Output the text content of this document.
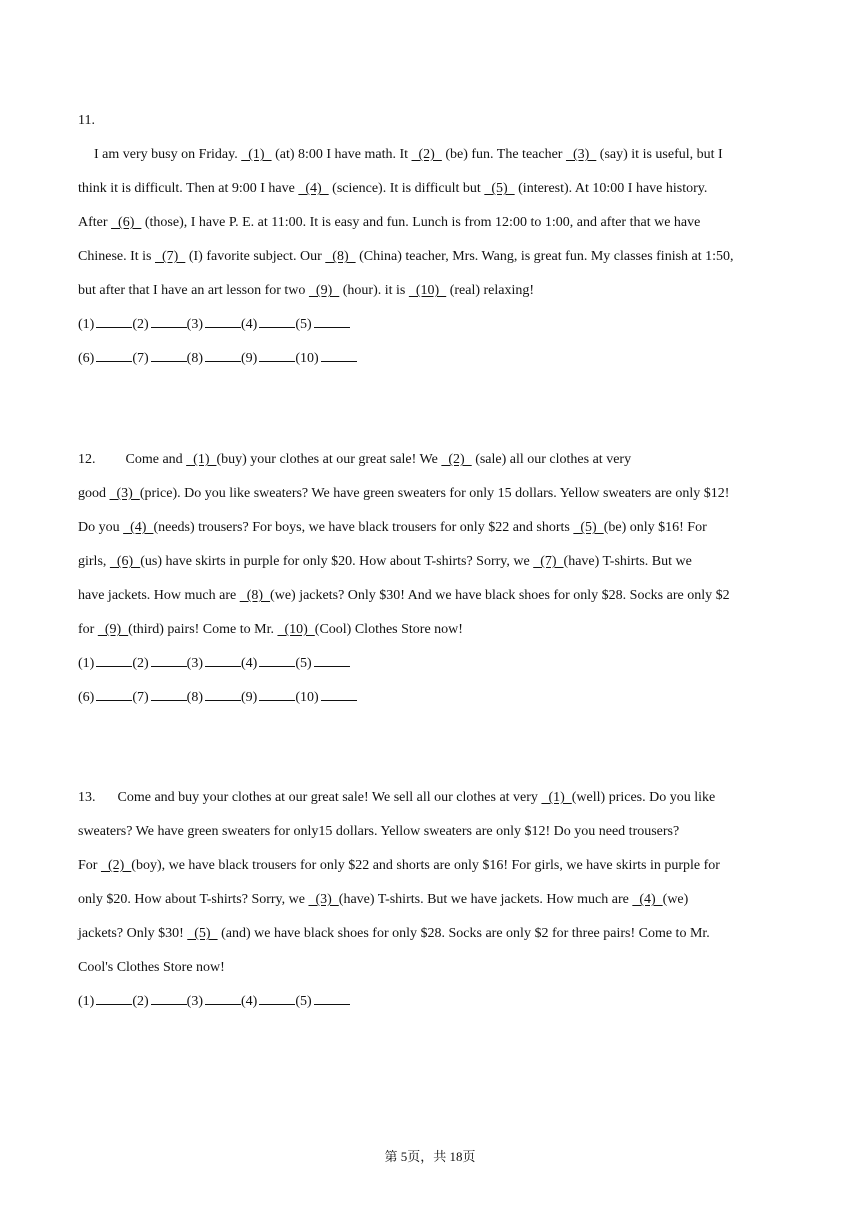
11.
I am very busy on Friday.   (1)   (at) 8:00 I have math. It   (2)   (be) fun. The teacher   (3)   (say) it is useful, but I
think it is difficult. Then at 9:00 I have   (4)   (science). It is difficult but   (5)   (interest). At 10:00 I have history.
After   (6)   (those), I have P. E. at 11:00. It is easy and fun. Lunch is from 12:00 to 1:00, and after that we have
Chinese. It is   (7)   (I) favorite subject. Our   (8)   (China) teacher, Mrs. Wang, is great fun. My classes finish at 1:50,
but after that I have an art lesson for two   (9)   (hour). it is   (10)   (real) relaxing!
(1)	(2)	(3)	(4)	(5)
(6)	(7)	(8)	(9)	(10)
12. Come and   (1)  (buy) your clothes at our great sale! We   (2)   (sale) all our clothes at very
good   (3)  (price). Do you like sweaters? We have green sweaters for only 15 dollars. Yellow sweaters are only $12!
Do you   (4)  (needs) trousers? For boys, we have black trousers for only $22 and shorts   (5)  (be) only $16! For
girls,   (6)  (us) have skirts in purple for only $20. How about T-shirts? Sorry, we   (7)  (have) T-shirts. But we
have jackets. How much are   (8)  (we) jackets? Only $30! And we have black shoes for only $28. Socks are only $2
for   (9)  (third) pairs! Come to Mr.   (10)  (Cool) Clothes Store now!
(1)	(2)	(3)	(4)	(5)
(6)	(7)	(8)	(9)	(10)
13. Come and buy your clothes at our great sale! We sell all our clothes at very   (1)  (well) prices. Do you like
sweaters? We have green sweaters for only15 dollars. Yellow sweaters are only $12! Do you need trousers?
For   (2)  (boy), we have black trousers for only $22 and shorts are only $16! For girls, we have skirts in purple for
only $20. How about T-shirts? Sorry, we   (3)  (have) T-shirts. But we have jackets. How much are   (4)  (we)
jackets? Only $30!   (5)   (and) we have black shoes for only $28. Socks are only $2 for three pairs! Come to Mr.
Cool's Clothes Store now!
(1)	(2)	(3)	(4)	(5)
第 5页，共 18页
